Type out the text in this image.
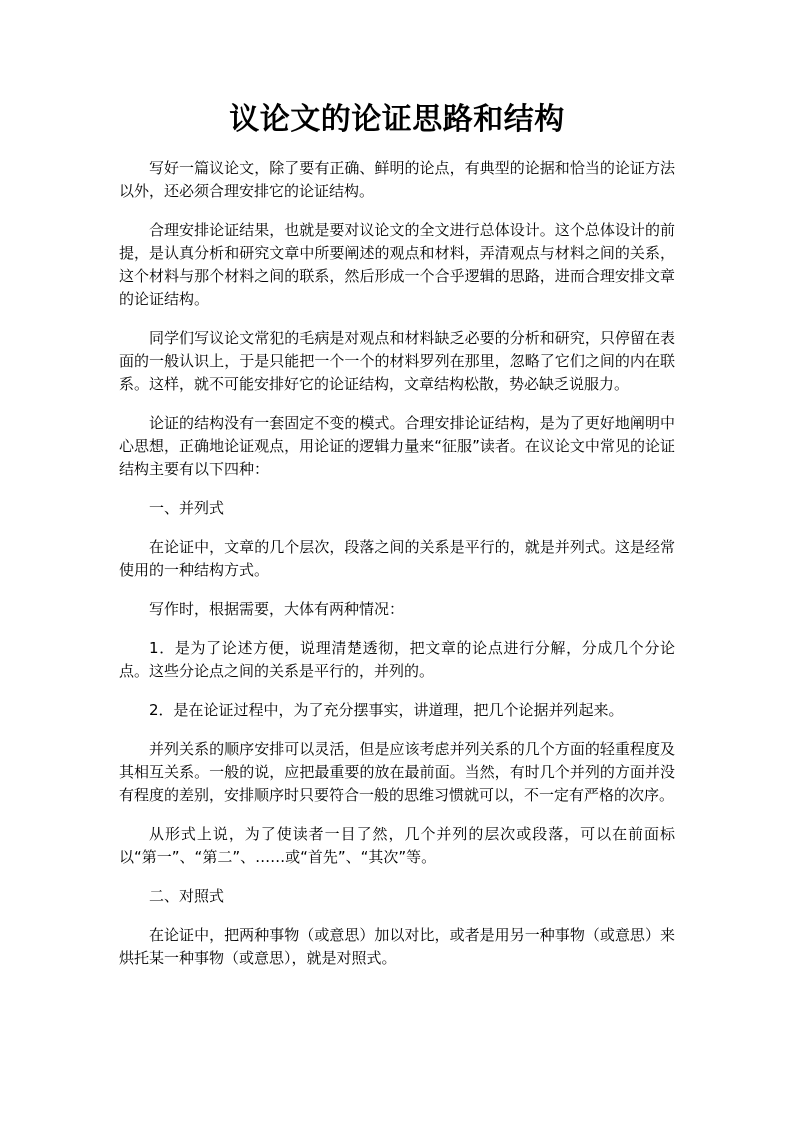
议论文的论证思路和结构

写好一篇议论文，除了要有正确、鲜明的论点，有典型的论据和恰当的论证方法以外，还必须合理安排它的论证结构。

合理安排论证结果，也就是要对议论文的全文进行总体设计。这个总体设计的前提，是认真分析和研究文章中所要阐述的观点和材料，弄清观点与材料之间的关系，这个材料与那个材料之间的联系，然后形成一个合乎逻辑的思路，进而合理安排文章的论证结构。

同学们写议论文常犯的毛病是对观点和材料缺乏必要的分析和研究，只停留在表面的一般认识上，于是只能把一个一个的材料罗列在那里，忽略了它们之间的内在联系。这样，就不可能安排好它的论证结构，文章结构松散，势必缺乏说服力。

论证的结构没有一套固定不变的模式。合理安排论证结构，是为了更好地阐明中心思想，正确地论证观点，用论证的逻辑力量来“征服”读者。在议论文中常见的论证结构主要有以下四种：

一、并列式

在论证中，文章的几个层次，段落之间的关系是平行的，就是并列式。这是经常使用的一种结构方式。

写作时，根据需要，大体有两种情况：

1．是为了论述方便，说理清楚透彻，把文章的论点进行分解，分成几个分论点。这些分论点之间的关系是平行的，并列的。

2．是在论证过程中，为了充分摆事实，讲道理，把几个论据并列起来。

并列关系的顺序安排可以灵活，但是应该考虑并列关系的几个方面的轻重程度及其相互关系。一般的说，应把最重要的放在最前面。当然，有时几个并列的方面并没有程度的差别，安排顺序时只要符合一般的思维习惯就可以，不一定有严格的次序。

从形式上说，为了使读者一目了然，几个并列的层次或段落，可以在前面标以“第一”、“第二”、……或“首先”、“其次”等。

二、对照式

在论证中，把两种事物（或意思）加以对比，或者是用另一种事物（或意思）来烘托某一种事物（或意思），就是对照式。
